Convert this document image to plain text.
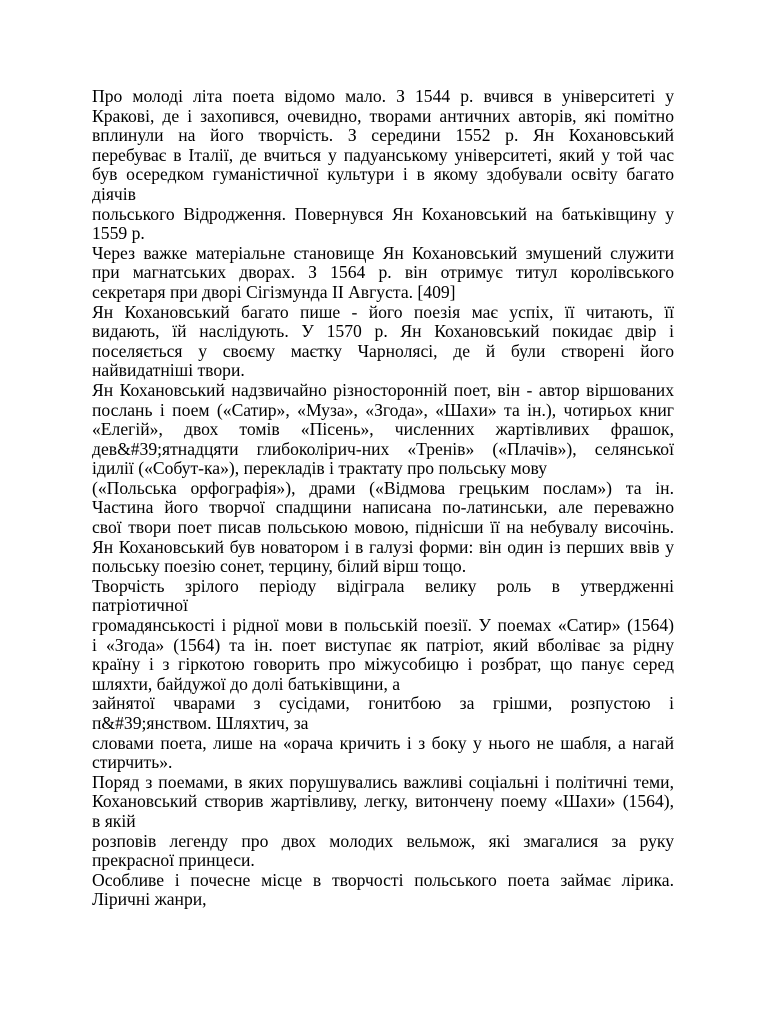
Про молоді літа поета відомо мало. З 1544 р. вчився в університеті у
Кракові, де і захопився, очевидно, творами античних авторів, які помітно
вплинули на його творчість. З середини 1552 р. Ян Кохановський
перебуває в Італії, де вчиться у падуанському університеті, який у той час
був осередком гуманістичної культури і в якому здобували освіту багато
діячів
польського Відродження. Повернувся Ян Кохановський на батьківщину у
1559 р.
Через важке матеріальне становище Ян Кохановський змушений служити
при магнатських дворах. З 1564 р. він отримує титул королівського
секретаря при дворі Сігізмунда II Августа. [409]
Ян Кохановський багато пише - його поезія має успіх, її читають, її
видають, їй наслідують. У 1570 р. Ян Кохановський покидає двір і
поселяється у своєму маєтку Чарнолясі, де й були створені його
найвидатніші твори.
Ян Кохановський надзвичайно різносторонній поет, він - автор віршованих
послань і поем («Сатир», «Муза», «Згода», «Шахи» та ін.), чотирьох книг
«Елегій», двох томів «Пісень», численних жартівливих фрашок,
дев&#39;ятнадцяти глибоколірич-них «Тренів» («Плачів»), селянської
ідилії («Собут-ка»), перекладів і трактату про польську мову
(«Польська орфографія»), драми («Відмова грецьким послам») та ін.
Частина його творчої спадщини написана по-латинськи, але переважно
свої твори поет писав польською мовою, піднісши її на небувалу височінь.
Ян Кохановський був новатором і в галузі форми: він один із перших ввів у
польську поезію сонет, терцину, білий вірш тощо.
Творчість зрілого періоду відіграла велику роль в утвердженні
патріотичної
громадянськості і рідної мови в польській поезії. У поемах «Сатир» (1564)
і «Згода» (1564) та ін. поет виступає як патріот, який вболіває за рідну
країну і з гіркотою говорить про міжусобицю і розбрат, що панує серед
шляхти, байдужої до долі батьківщини, а
зайнятої чварами з сусідами, гонитбою за грішми, розпустою і
п&#39;янством. Шляхтич, за
словами поета, лише на «орача кричить і з боку у нього не шабля, а нагай
стирчить».
Поряд з поемами, в яких порушувались важливі соціальні і політичні теми,
Кохановський створив жартівливу, легку, витончену поему «Шахи» (1564),
в якій
розповів легенду про двох молодих вельмож, які змагалися за руку
прекрасної принцеси.
Особливе і почесне місце в творчості польського поета займає лірика.
Ліричні жанри,
